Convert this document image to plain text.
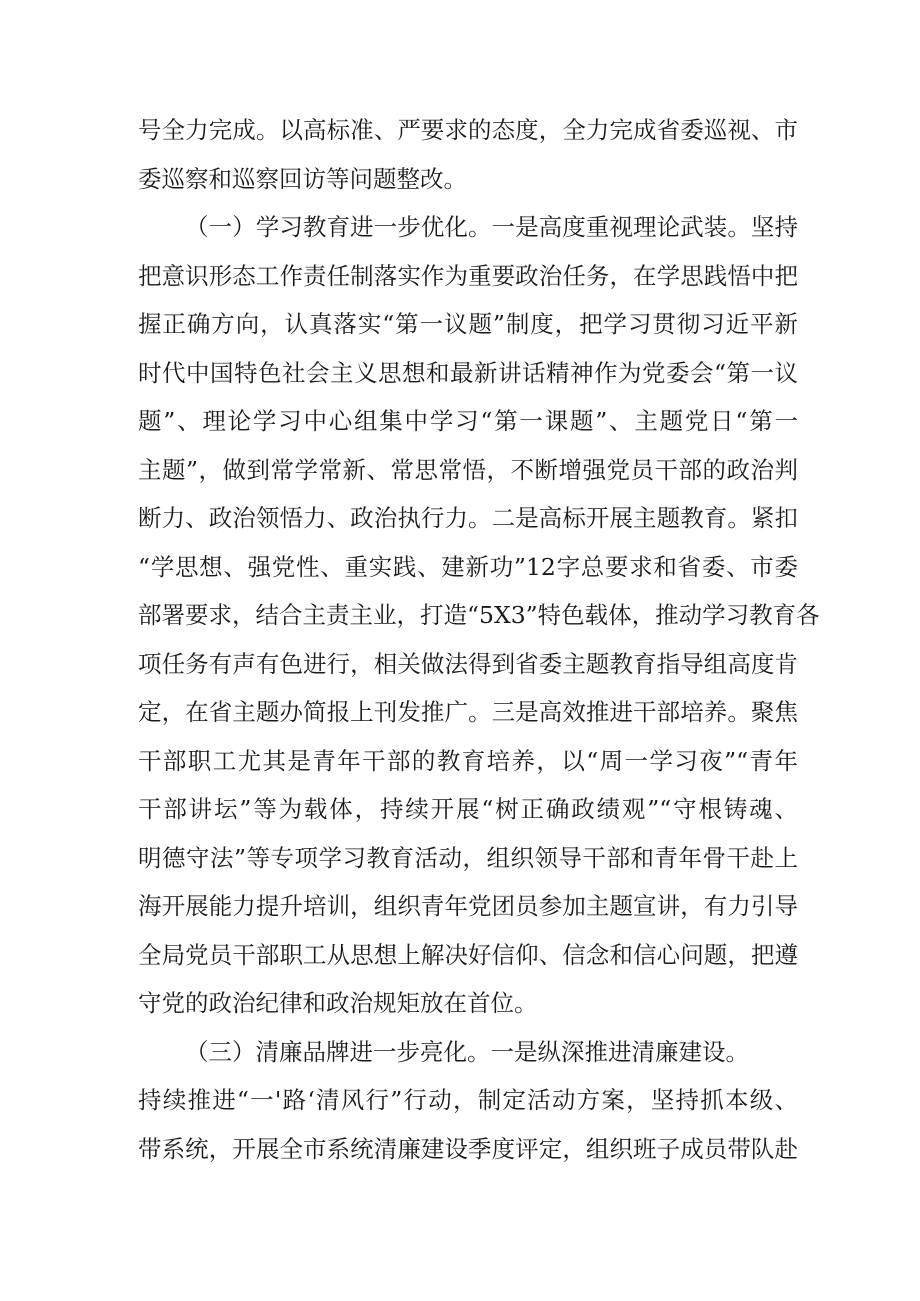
号全力完成。以高标准、严要求的态度，全力完成省委巡视、市
委巡察和巡察回访等问题整改。
（一）学习教育进一步优化。一是高度重视理论武装。坚持
把意识形态工作责任制落实作为重要政治任务，在学思践悟中把
握正确方向，认真落实“第一议题”制度，把学习贯彻习近平新
时代中国特色社会主义思想和最新讲话精神作为党委会“第一议
题”、理论学习中心组集中学习“第一课题”、主题党日“第一
主题”，做到常学常新、常思常悟，不断增强党员干部的政治判
断力、政治领悟力、政治执行力。二是高标开展主题教育。紧扣
“学思想、强党性、重实践、建新功”12字总要求和省委、市委
部署要求，结合主责主业，打造“5X3”特色载体，推动学习教育各
项任务有声有色进行，相关做法得到省委主题教育指导组高度肯
定，在省主题办简报上刊发推广。三是高效推进干部培养。聚焦
干部职工尤其是青年干部的教育培养，以“周一学习夜”“青年
干部讲坛”等为载体，持续开展“树正确政绩观”“守根铸魂、
明德守法”等专项学习教育活动，组织领导干部和青年骨干赴上
海开展能力提升培训，组织青年党团员参加主题宣讲，有力引导
全局党员干部职工从思想上解决好信仰、信念和信心问题，把遵
守党的政治纪律和政治规矩放在首位。
（三）清廉品牌进一步亮化。一是纵深推进清廉建设。
持续推进“一'路‘清风行”行动，制定活动方案，坚持抓本级、
带系统，开展全市系统清廉建设季度评定，组织班子成员带队赴
